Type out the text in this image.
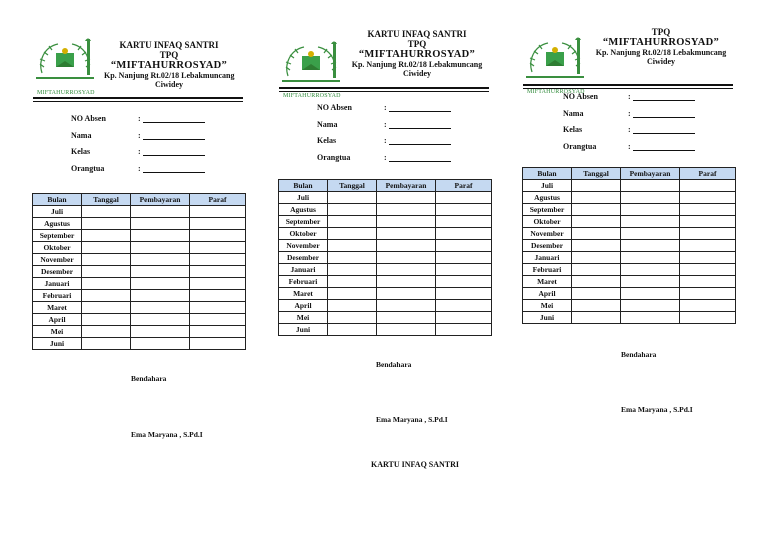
MIFTAHURROSYAD
KARTU INFAQ SANTRI
TPQ
“MIFTAHURROSYAD”
Kp. Nanjung Rt.02/18 Lebakmuncang
Ciwidey
NO Absen	:
Nama	:
Kelas	:
Orangtua	:
Bulan	Tanggal	Pembayaran	Paraf
Juli			
Agustus			
September			
Oktober			
November			
Desember			
Januari			
Februari			
Maret			
April			
Mei			
Juni			
Bendahara
Ema Maryana , S.Pd.I
MIFTAHURROSYAD
KARTU INFAQ SANTRI
TPQ
“MIFTAHURROSYAD”
Kp. Nanjung Rt.02/18 Lebakmuncang
Ciwidey
NO Absen	:
Nama	:
Kelas	:
Orangtua	:
Bulan	Tanggal	Pembayaran	Paraf
Juli			
Agustus			
September			
Oktober			
November			
Desember			
Januari			
Februari			
Maret			
April			
Mei			
Juni			
Bendahara
Ema Maryana , S.Pd.I
MIFTAHURROSYAD
TPQ
“MIFTAHURROSYAD”
Kp. Nanjung Rt.02/18 Lebakmuncang
Ciwidey
NO Absen	:
Nama	:
Kelas	:
Orangtua	:
Bulan	Tanggal	Pembayaran	Paraf
Juli			
Agustus			
September			
Oktober			
November			
Desember			
Januari			
Februari			
Maret			
April			
Mei			
Juni			
Bendahara
Ema Maryana , S.Pd.I
KARTU INFAQ SANTRI
